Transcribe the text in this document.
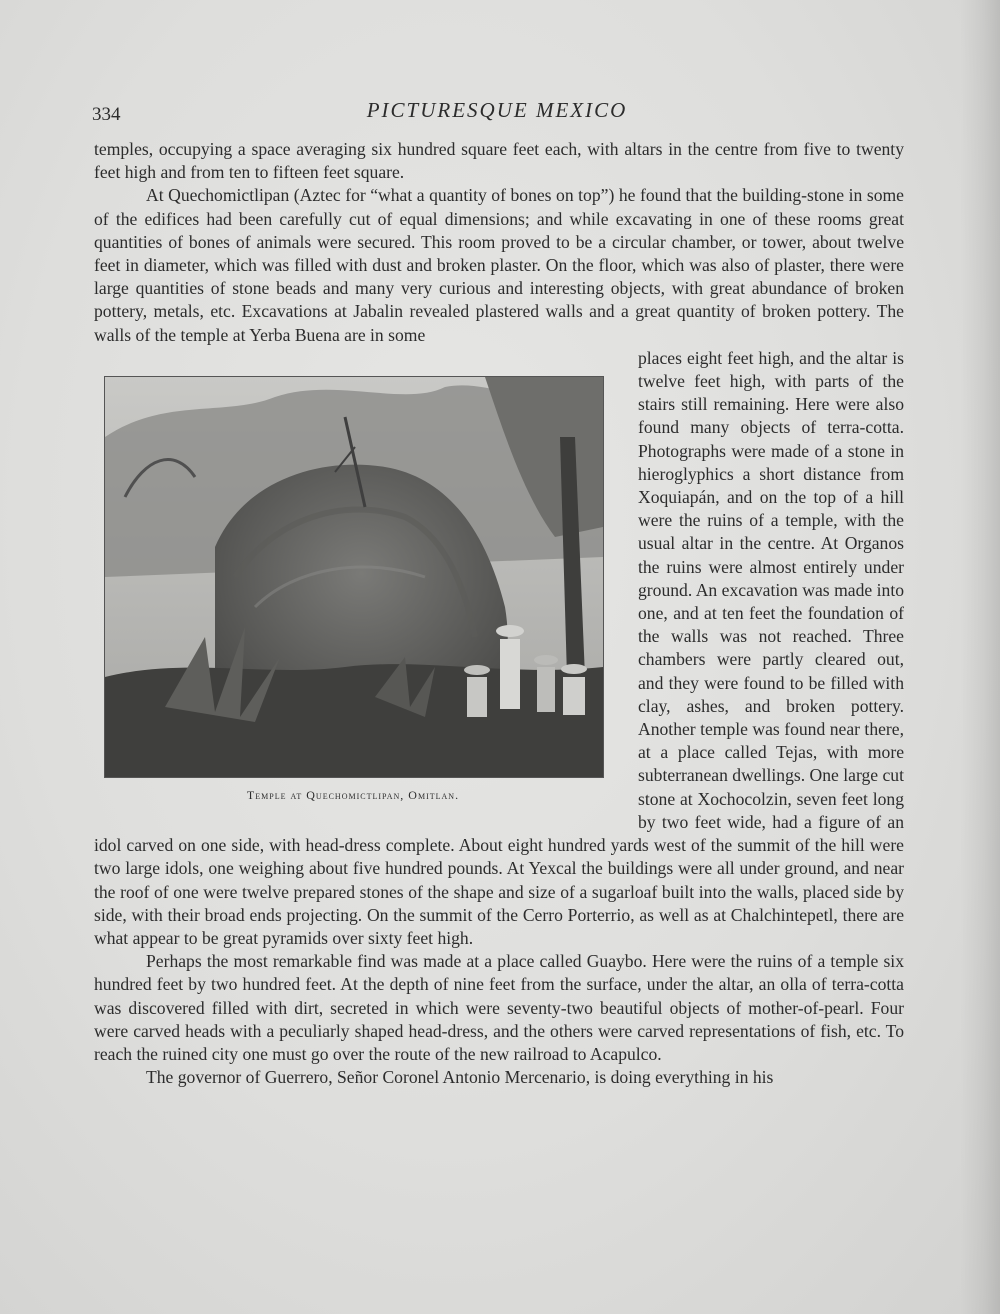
334	PICTURESQUE MEXICO

temples, occupying a space averaging six hundred square feet each, with altars in the centre from five to twenty feet high and from ten to fifteen feet square.

At Quechomictlipan (Aztec for “what a quantity of bones on top”) he found that the building-stone in some of the edifices had been carefully cut of equal dimensions; and while excavating in one of these rooms great quantities of bones of animals were secured. This room proved to be a circular chamber, or tower, about twelve feet in diameter, which was filled with dust and broken plaster. On the floor, which was also of plaster, there were large quantities of stone beads and many very curious and interesting objects, with great abundance of broken pottery, metals, etc. Excavations at Jabalin revealed plastered walls and a great quantity of broken pottery. The walls of the temple at Yerba Buena are in some

Temple at Quechomictlipan, Omitlan.

places eight feet high, and the altar is twelve feet high, with parts of the stairs still remaining. Here were also found many objects of terra-cotta. Photographs were made of a stone in hieroglyphics a short distance from Xoquiapán, and on the top of a hill were the ruins of a temple, with the usual altar in the centre. At Organos the ruins were almost entirely under ground. An excavation was made into one, and at ten feet the foundation of the walls was not reached. Three chambers were partly cleared out, and they were found to be filled with clay, ashes, and broken pottery. Another temple was found near there, at a place called Tejas, with more subterranean dwellings. One large cut stone at Xochocolzin, seven feet long by two feet wide, had a figure of an idol carved on one side, with head-dress complete. About eight hundred yards west of the summit of the hill were two large idols, one weighing about five hundred pounds. At Yexcal the buildings were all under ground, and near the roof of one were twelve prepared stones of the shape and size of a sugarloaf built into the walls, placed side by side, with their broad ends projecting. On the summit of the Cerro Porterrio, as well as at Chalchintepetl, there are what appear to be great pyramids over sixty feet high.

Perhaps the most remarkable find was made at a place called Guaybo. Here were the ruins of a temple six hundred feet by two hundred feet. At the depth of nine feet from the surface, under the altar, an olla of terra-cotta was discovered filled with dirt, secreted in which were seventy-two beautiful objects of mother-of-pearl. Four were carved heads with a peculiarly shaped head-dress, and the others were carved representations of fish, etc. To reach the ruined city one must go over the route of the new railroad to Acapulco.

The governor of Guerrero, Señor Coronel Antonio Mercenario, is doing everything in his
